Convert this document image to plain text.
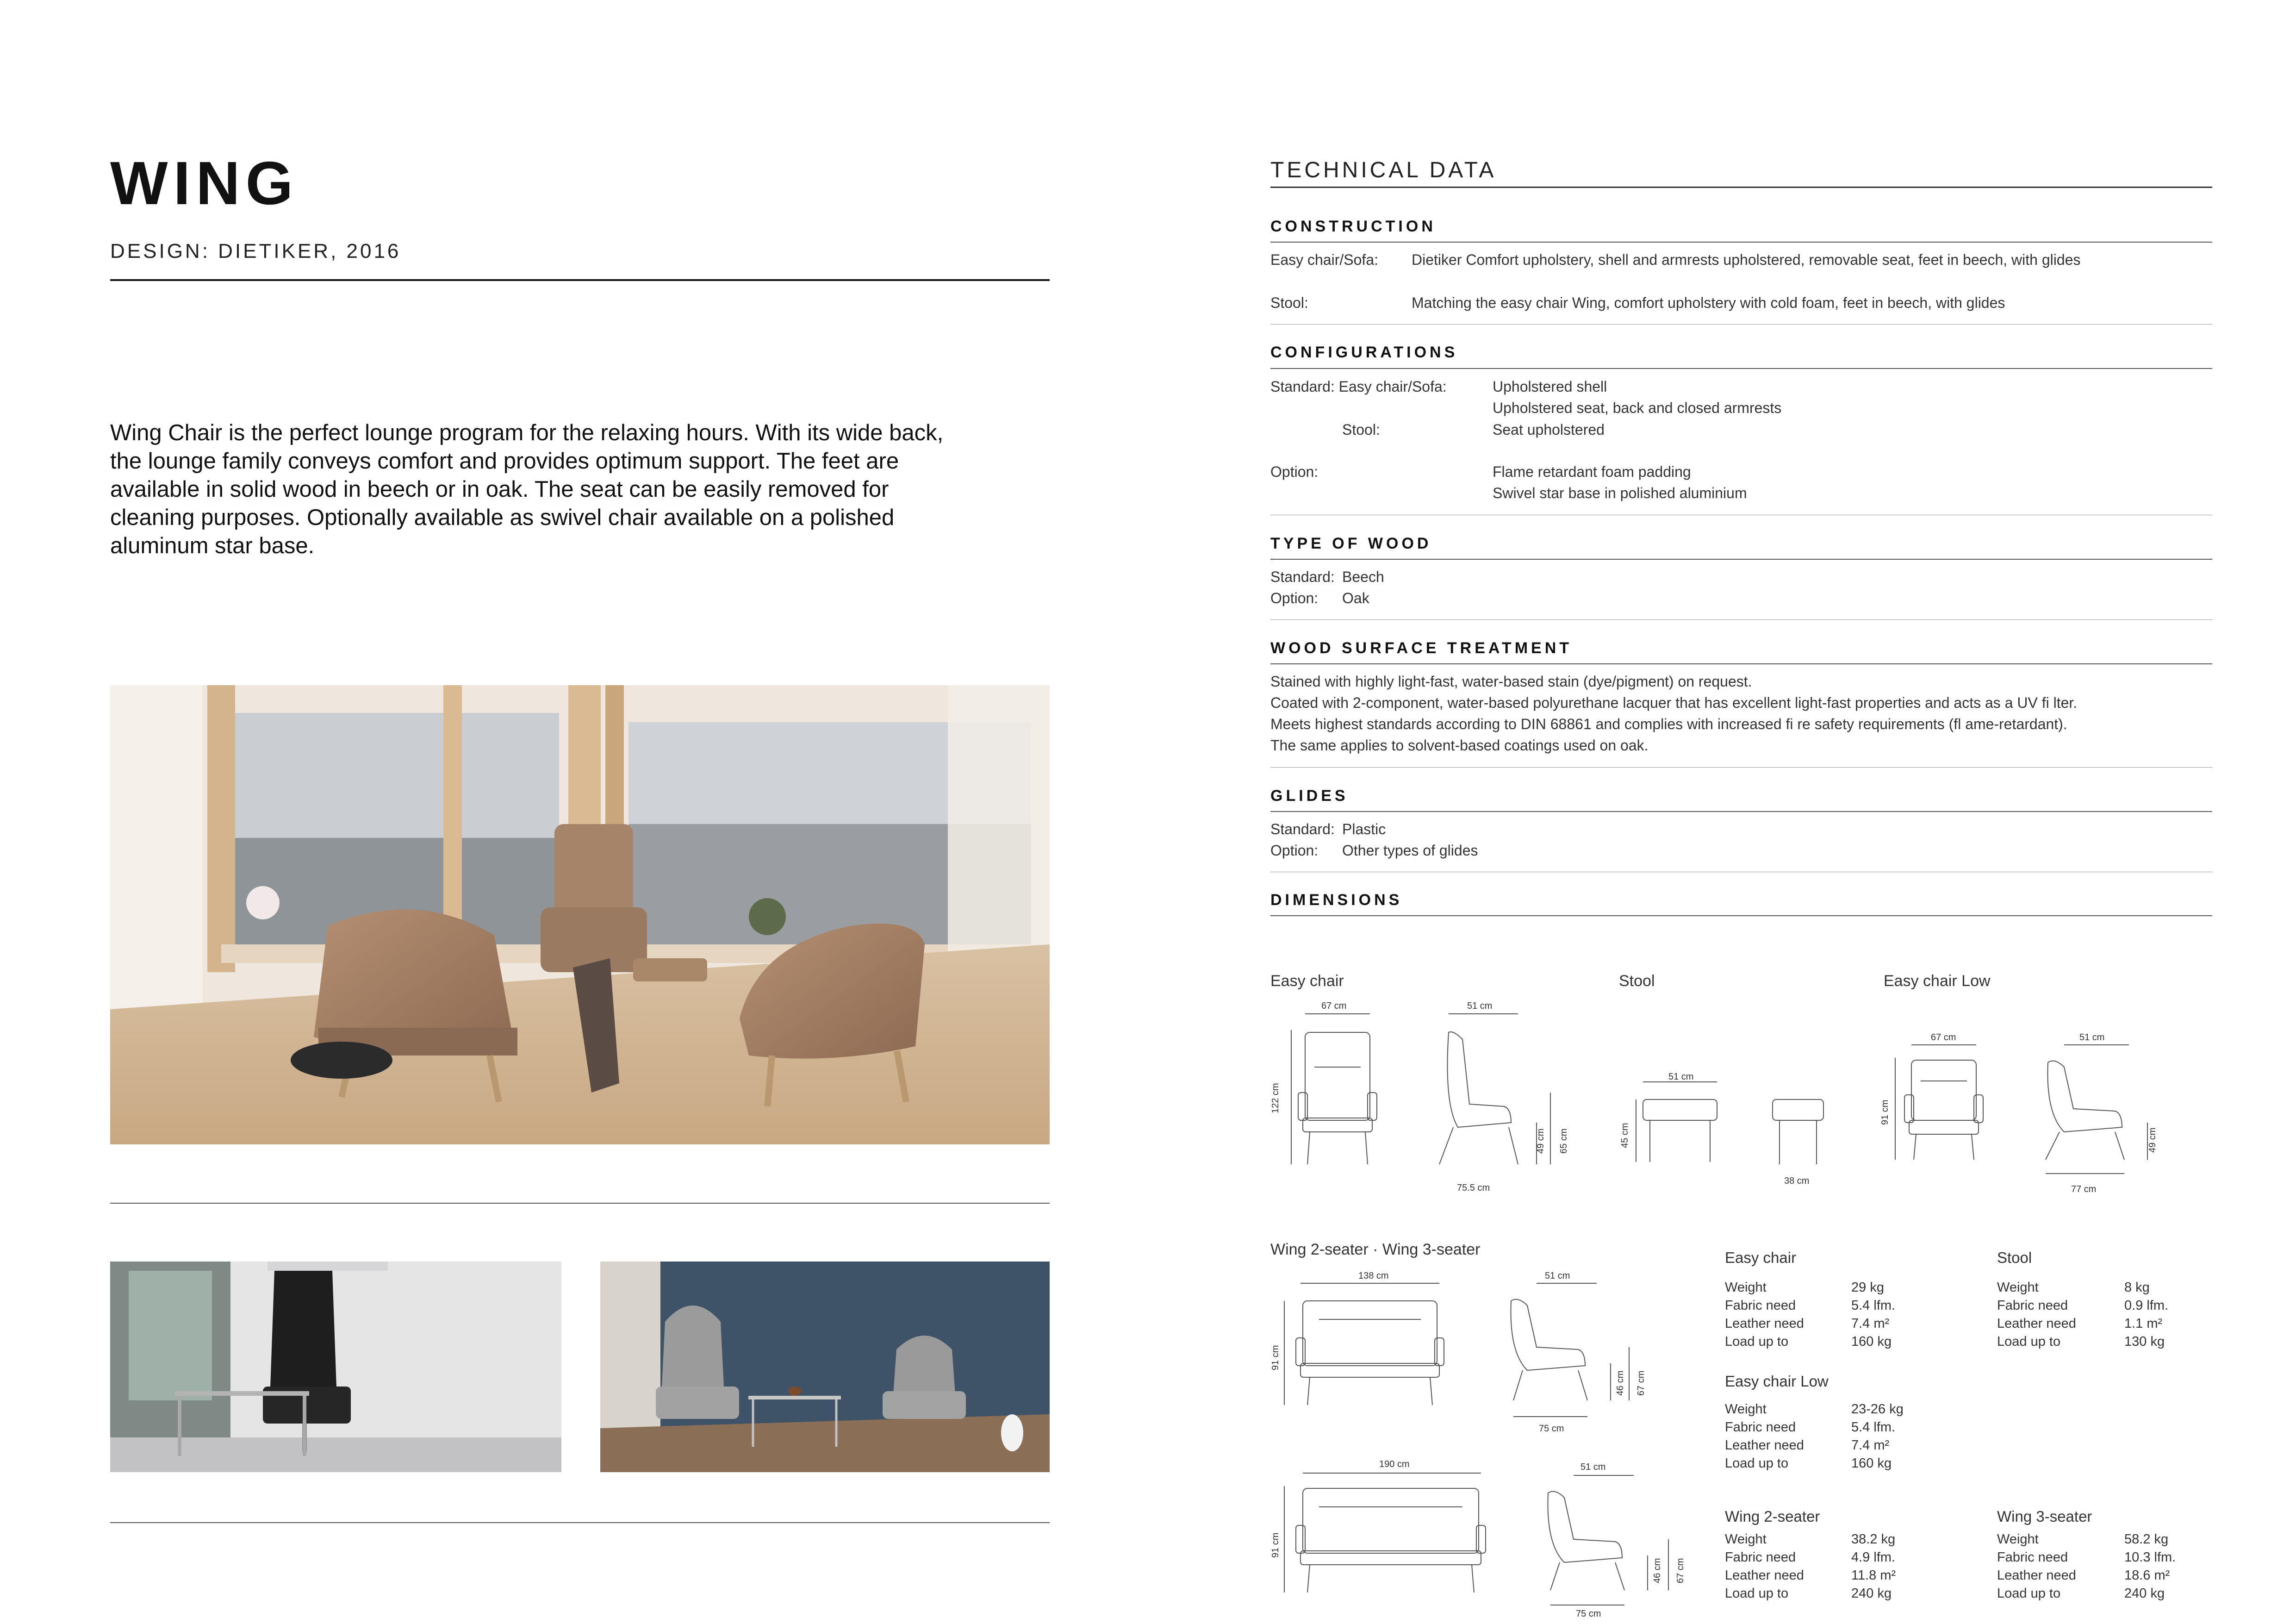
WING
DESIGN: DIETIKER, 2016
Wing Chair is the perfect lounge program for the relaxing hours. With its wide back,
the lounge family conveys comfort and provides optimum support. The feet are
available in solid wood in beech or in oak. The seat can be easily removed for
cleaning purposes. Optionally available as swivel chair available on a polished
aluminum star base.
TECHNICAL DATA
CONSTRUCTION
Easy chair/Sofa: Dietiker Comfort upholstery, shell and armrests upholstered, removable seat, feet in beech, with glides
Stool:	Matching the easy chair Wing, comfort upholstery with cold foam, feet in beech, with glides
CONFIGURATIONS
Standard: Easy chair/Sofa:	Upholstered shell
Upholstered seat, back and closed armrests
Stool:	Seat upholstered
Option:	Flame retardant foam padding
Swivel star base in polished aluminium
TYPE OF WOOD
Standard: Beech
Option: Oak
WOOD SURFACE TREATMENT
Stained with highly light-fast, water-based stain (dye/pigment) on request.
Coated with 2-component, water-based polyurethane lacquer that has excellent light-fast properties and acts as a UV fi lter.
Meets highest standards according to DIN 68861 and complies with increased fi re safety requirements (fl ame-retardant).
The same applies to solvent-based coatings used on oak.
GLIDES
Standard: Plastic
Option: Other types of glides
DIMENSIONS
Easy chair
67 cm
122 cm
51 cm
49 cm 65 cm
75.5 cm
Stool
51 cm
45 cm
38 cm
Easy chair Low
67 cm
91 cm
51 cm
49 cm
77 cm
Wing 2-seater · Wing 3-seater
138 cm
91 cm
51 cm
46 cm 67 cm
75 cm
190 cm
91 cm
51 cm
46 cm 67 cm
75 cm
Easy chair
Weight	29 kg
Fabric need	5.4 lfm.
Leather need	7.4 m²
Load up to	160 kg
Stool
Weight	8 kg
Fabric need	0.9 lfm.
Leather need	1.1 m²
Load up to	130 kg
Easy chair Low
Weight	23-26 kg
Fabric need	5.4 lfm.
Leather need	7.4 m²
Load up to	160 kg
Wing 2-seater
Weight	38.2 kg
Fabric need	4.9 lfm.
Leather need	11.8 m²
Load up to	240 kg
Wing 3-seater
Weight	58.2 kg
Fabric need	10.3 lfm.
Leather need	18.6 m²
Load up to	240 kg
